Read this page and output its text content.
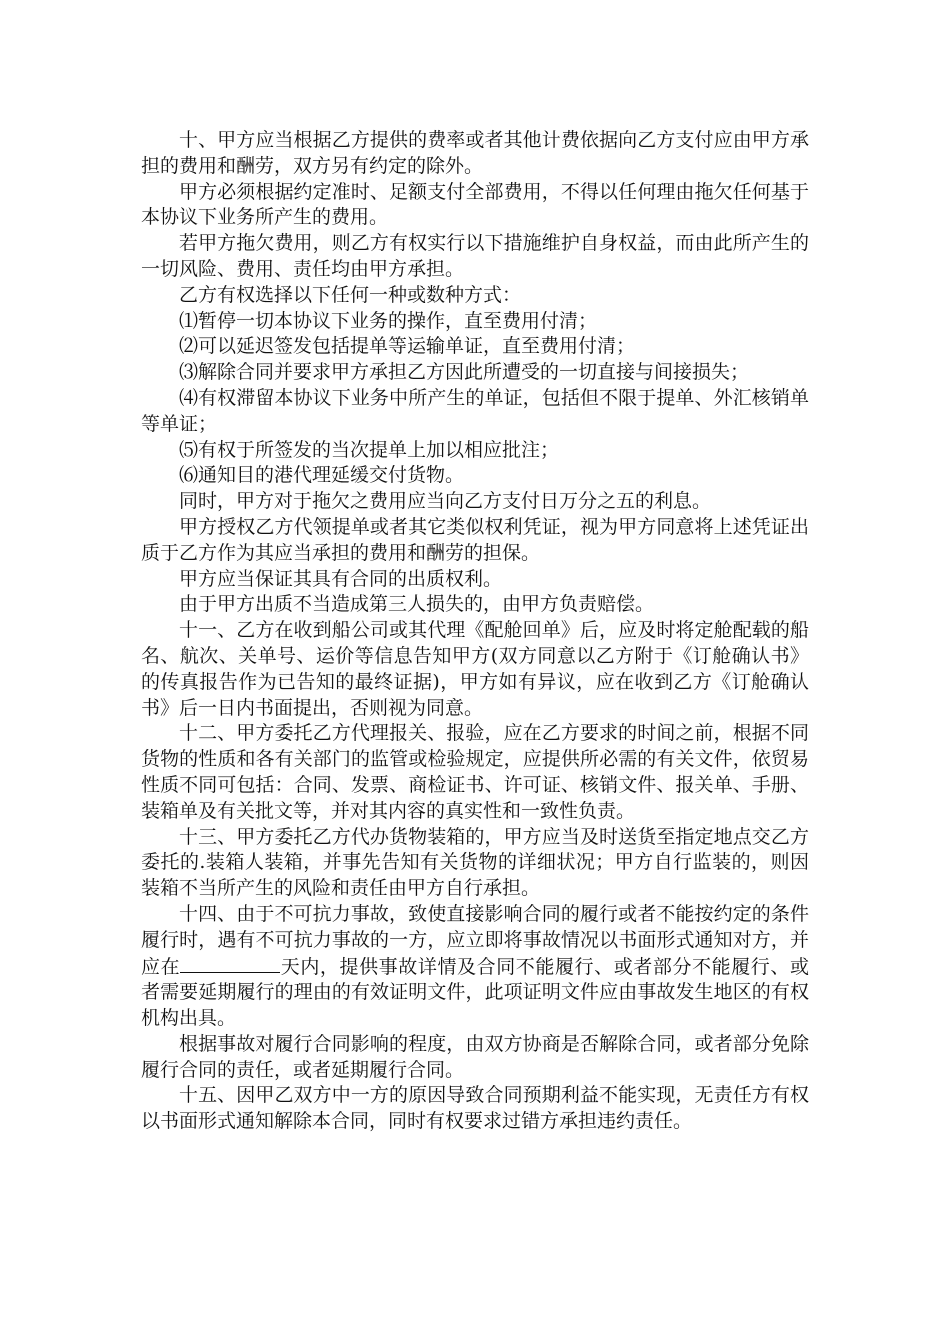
十、甲方应当根据乙方提供的费率或者其他计费依据向乙方支付应由甲方承担的费用和酬劳，双方另有约定的除外。

甲方必须根据约定准时、足额支付全部费用，不得以任何理由拖欠任何基于本协议下业务所产生的费用。

若甲方拖欠费用，则乙方有权实行以下措施维护自身权益，而由此所产生的一切风险、费用、责任均由甲方承担。

乙方有权选择以下任何一种或数种方式：

⑴暂停一切本协议下业务的操作，直至费用付清；

⑵可以延迟签发包括提单等运输单证，直至费用付清；

⑶解除合同并要求甲方承担乙方因此所遭受的一切直接与间接损失；

⑷有权滞留本协议下业务中所产生的单证，包括但不限于提单、外汇核销单等单证；

⑸有权于所签发的当次提单上加以相应批注；

⑹通知目的港代理延缓交付货物。

同时，甲方对于拖欠之费用应当向乙方支付日万分之五的利息。

甲方授权乙方代领提单或者其它类似权利凭证，视为甲方同意将上述凭证出质于乙方作为其应当承担的费用和酬劳的担保。

甲方应当保证其具有合同的出质权利。

由于甲方出质不当造成第三人损失的，由甲方负责赔偿。

十一、乙方在收到船公司或其代理《配舱回单》后，应及时将定舱配载的船名、航次、关单号、运价等信息告知甲方(双方同意以乙方附于《订舱确认书》的传真报告作为已告知的最终证据)，甲方如有异议，应在收到乙方《订舱确认书》后一日内书面提出，否则视为同意。

十二、甲方委托乙方代理报关、报验，应在乙方要求的时间之前，根据不同货物的性质和各有关部门的监管或检验规定，应提供所必需的有关文件，依贸易性质不同可包括：合同、发票、商检证书、许可证、核销文件、报关单、手册、装箱单及有关批文等，并对其内容的真实性和一致性负责。

十三、甲方委托乙方代办货物装箱的，甲方应当及时送货至指定地点交乙方委托的.装箱人装箱，并事先告知有关货物的详细状况；甲方自行监装的，则因装箱不当所产生的风险和责任由甲方自行承担。

十四、由于不可抗力事故，致使直接影响合同的履行或者不能按约定的条件履行时，遇有不可抗力事故的一方，应立即将事故情况以书面形式通知对方，并应在	天内，提供事故详情及合同不能履行、或者部分不能履行、或者需要延期履行的理由的有效证明文件，此项证明文件应由事故发生地区的有权机构出具。

根据事故对履行合同影响的程度，由双方协商是否解除合同，或者部分免除履行合同的责任，或者延期履行合同。

十五、因甲乙双方中一方的原因导致合同预期利益不能实现，无责任方有权以书面形式通知解除本合同，同时有权要求过错方承担违约责任。
